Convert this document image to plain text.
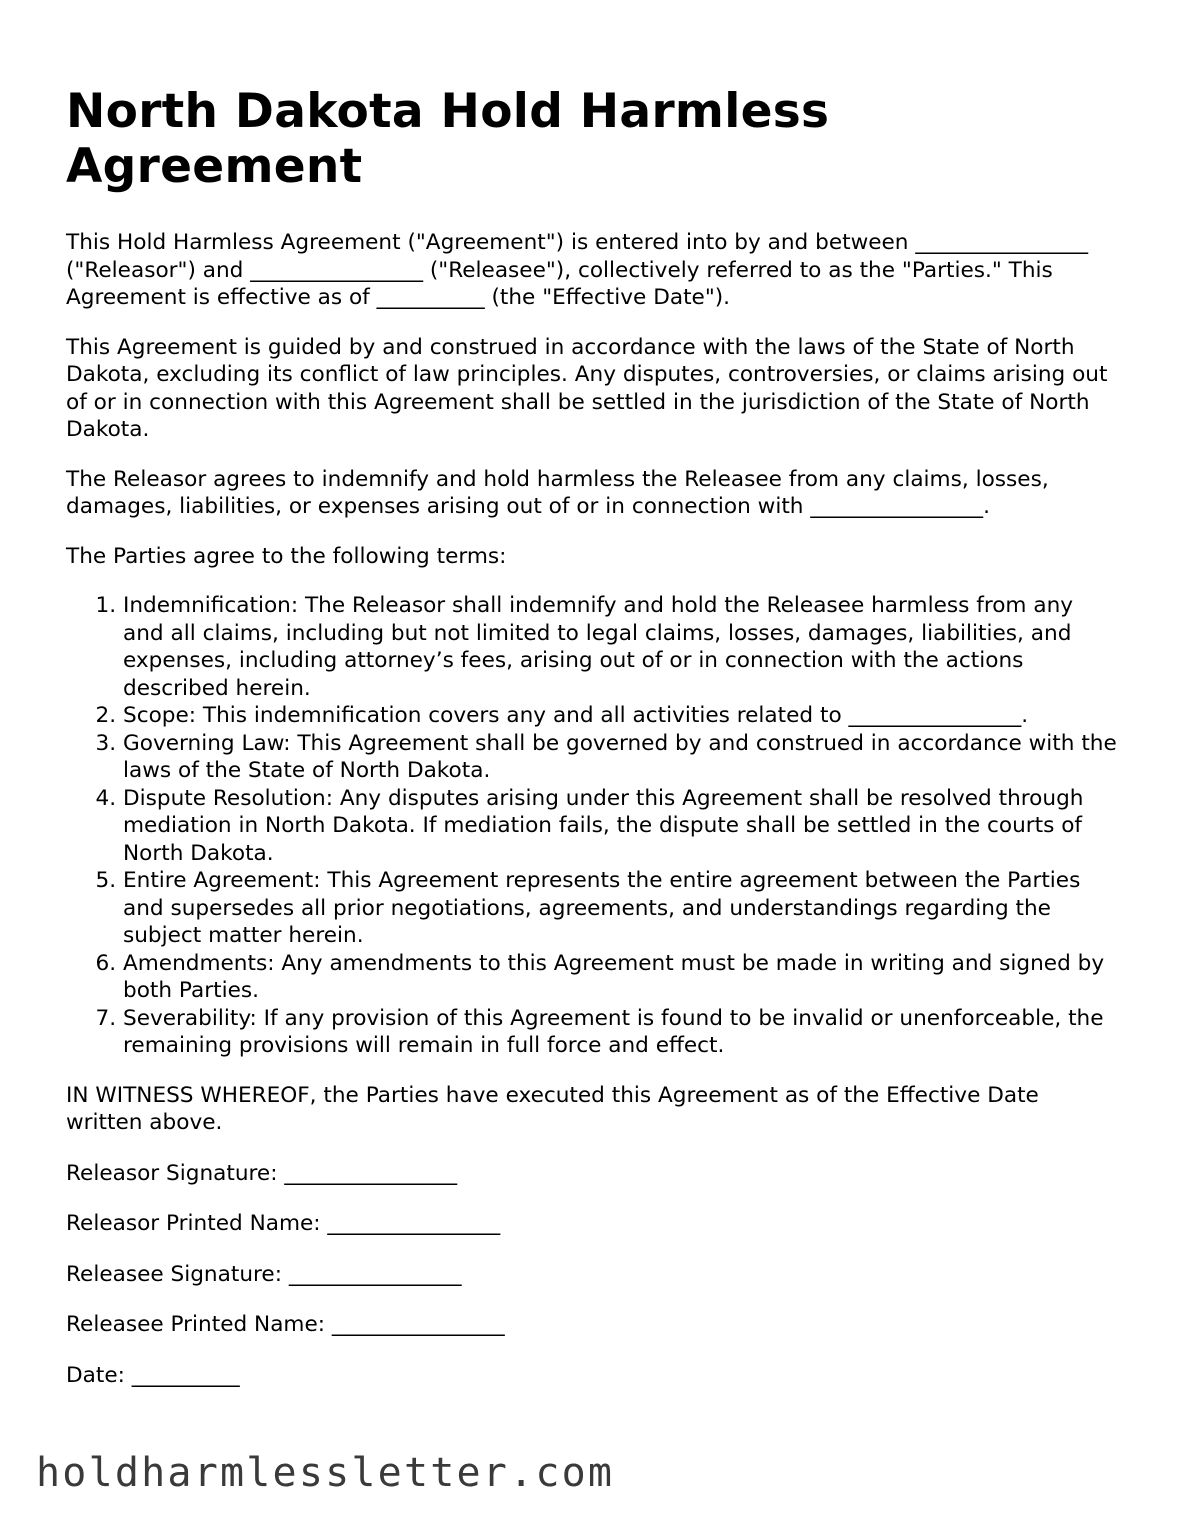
North Dakota Hold Harmless Agreement

This Hold Harmless Agreement ("Agreement") is entered into by and between ________________ ("Releasor") and ________________ ("Releasee"), collectively referred to as the "Parties." This Agreement is effective as of __________ (the "Effective Date").

This Agreement is guided by and construed in accordance with the laws of the State of North Dakota, excluding its conflict of law principles. Any disputes, controversies, or claims arising out of or in connection with this Agreement shall be settled in the jurisdiction of the State of North Dakota.

The Releasor agrees to indemnify and hold harmless the Releasee from any claims, losses, damages, liabilities, or expenses arising out of or in connection with ________________.

The Parties agree to the following terms:

1. Indemnification: The Releasor shall indemnify and hold the Releasee harmless from any and all claims, including but not limited to legal claims, losses, damages, liabilities, and expenses, including attorney’s fees, arising out of or in connection with the actions described herein.
2. Scope: This indemnification covers any and all activities related to ________________.
3. Governing Law: This Agreement shall be governed by and construed in accordance with the laws of the State of North Dakota.
4. Dispute Resolution: Any disputes arising under this Agreement shall be resolved through mediation in North Dakota. If mediation fails, the dispute shall be settled in the courts of North Dakota.
5. Entire Agreement: This Agreement represents the entire agreement between the Parties and supersedes all prior negotiations, agreements, and understandings regarding the subject matter herein.
6. Amendments: Any amendments to this Agreement must be made in writing and signed by both Parties.
7. Severability: If any provision of this Agreement is found to be invalid or unenforceable, the remaining provisions will remain in full force and effect.

IN WITNESS WHEREOF, the Parties have executed this Agreement as of the Effective Date written above.

Releasor Signature: ________________

Releasor Printed Name: ________________

Releasee Signature: ________________

Releasee Printed Name: ________________

Date: __________

holdharmlessletter.com
